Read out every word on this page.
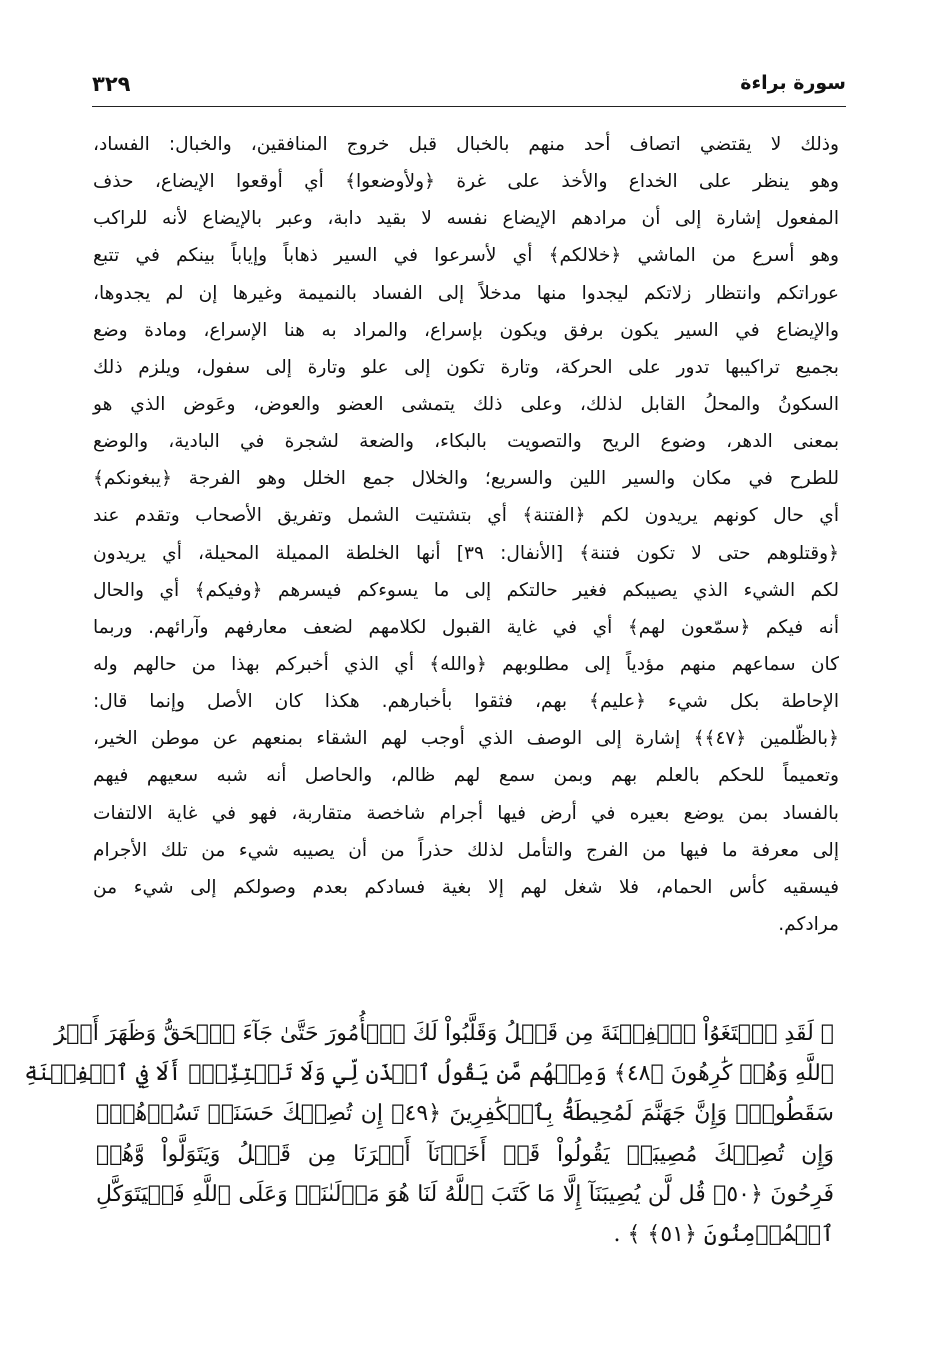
٣٢٩	سورة براءة
وذلك لا يقتضي اتصاف أحد منهم بالخبال قبل خروج المنافقين، والخبال: الفساد،
وهو ينظر على الخداع والأخذ على غرة ﴿ولأوضعوا﴾ أي أوقعوا الإيضاع، حذف
المفعول إشارة إلى أن مرادهم الإيضاع نفسه لا بقيد دابة، وعبر بالإيضاع لأنه للراكب
وهو أسرع من الماشي ﴿خلالكم﴾ أي لأسرعوا في السير ذهاباً وإياباً بينكم في تتبع
عوراتكم وانتظار زلاتكم ليجدوا منها مدخلاً إلى الفساد بالنميمة وغيرها إن لم يجدوها،
والإيضاع في السير يكون برفق ويكون بإسراع، والمراد به هنا الإسراع، ومادة وضع
بجميع تراكيبها تدور على الحركة، وتارة تكون إلى علو وتارة إلى سفول، ويلزم ذلك
السكونُ والمحلُ القابل لذلك، وعلى ذلك يتمشى العضو والعوض، وعَوض الذي هو
بمعنى الدهر، وضوع الريح والتصويت بالبكاء، والضعة لشجرة في البادية، والوضع
للطرح في مكان والسير اللين والسريع؛ والخلال جمع الخلل وهو الفرجة ﴿يبغونكم﴾
أي حال كونهم يريدون لكم ﴿الفتنة﴾ أي بتشتيت الشمل وتفريق الأصحاب وتقدم عند
﴿وقتلوهم حتى لا تكون فتنة﴾ [الأنفال: ٣٩] أنها الخلطة المميلة المحيلة، أي يريدون
لكم الشيء الذي يصيبكم فغير حالتكم إلى ما يسوءكم فيسرهم ﴿وفيكم﴾ أي والحال
أنه فيكم ﴿سمّعون لهم﴾ أي في غاية القبول لكلامهم لضعف معارفهم وآرائهم. وربما
كان سماعهم منهم مؤدياً إلى مطلوبهم ﴿والله﴾ أي الذي أخبركم بهذا من حالهم وله
الإحاطة بكل شيء ﴿عليم﴾ بهم، فثقوا بأخبارهم. هكذا كان الأصل وإنما قال:
﴿بالظّلمين ﴿٤٧﴾﴾ إشارة إلى الوصف الذي أوجب لهم الشقاء بمنعهم عن موطن الخير،
وتعميماً للحكم بالعلم بهم وبمن سمع لهم ظالم، والحاصل أنه شبه سعيهم فيهم
بالفساد بمن يوضع بعيره في أرض فيها أجرام شاخصة متقاربة، فهو في غاية الالتفات
إلى معرفة ما فيها من الفرج والتأمل لذلك حذراً من أن يصيبه شيء من تلك الأجرام
فيسقيه كأس الحمام، فلا شغل لهم إلا بغية فسادكم بعدم وصولكم إلى شيء من
مرادكم.
﴿ لَقَدِ ٱبۡتَغَوُاْ ٱلۡفِتۡنَةَ مِن قَبۡلُ وَقَلَّبُواْ لَكَ ٱلۡأُمُورَ حَتَّىٰ جَآءَ ٱلۡحَقُّ وَظَهَرَ أَمۡرُ
ٱللَّهِ وَهُمۡ كَٰرِهُونَ ﴿٤٨﴾ وَمِنۡهُم مَّن يَقُولُ ٱئۡذَن لِّي وَلَا تَفۡتِنِّيٓۚ أَلَا فِي ٱلۡفِتۡنَةِ
سَقَطُواْۗ وَإِنَّ جَهَنَّمَ لَمُحِيطَةُۢ بِٱلۡكَٰفِرِينَ ﴿٤٩﴾ إِن تُصِبۡكَ حَسَنَةٞ تَسُؤۡهُمۡۖ
وَإِن تُصِبۡكَ مُصِيبَةٞ يَقُولُواْ قَدۡ أَخَذۡنَآ أَمۡرَنَا مِن قَبۡلُ وَيَتَوَلَّواْ وَّهُمۡ
فَرِحُونَ ﴿٥٠﴾ قُل لَّن يُصِيبَنَآ إِلَّا مَا كَتَبَ ٱللَّهُ لَنَا هُوَ مَوۡلَىٰنَاۚ وَعَلَى ٱللَّهِ فَلۡيَتَوَكَّلِ
ٱلۡمُؤۡمِنُونَ ﴿٥١﴾ ﴾ .
